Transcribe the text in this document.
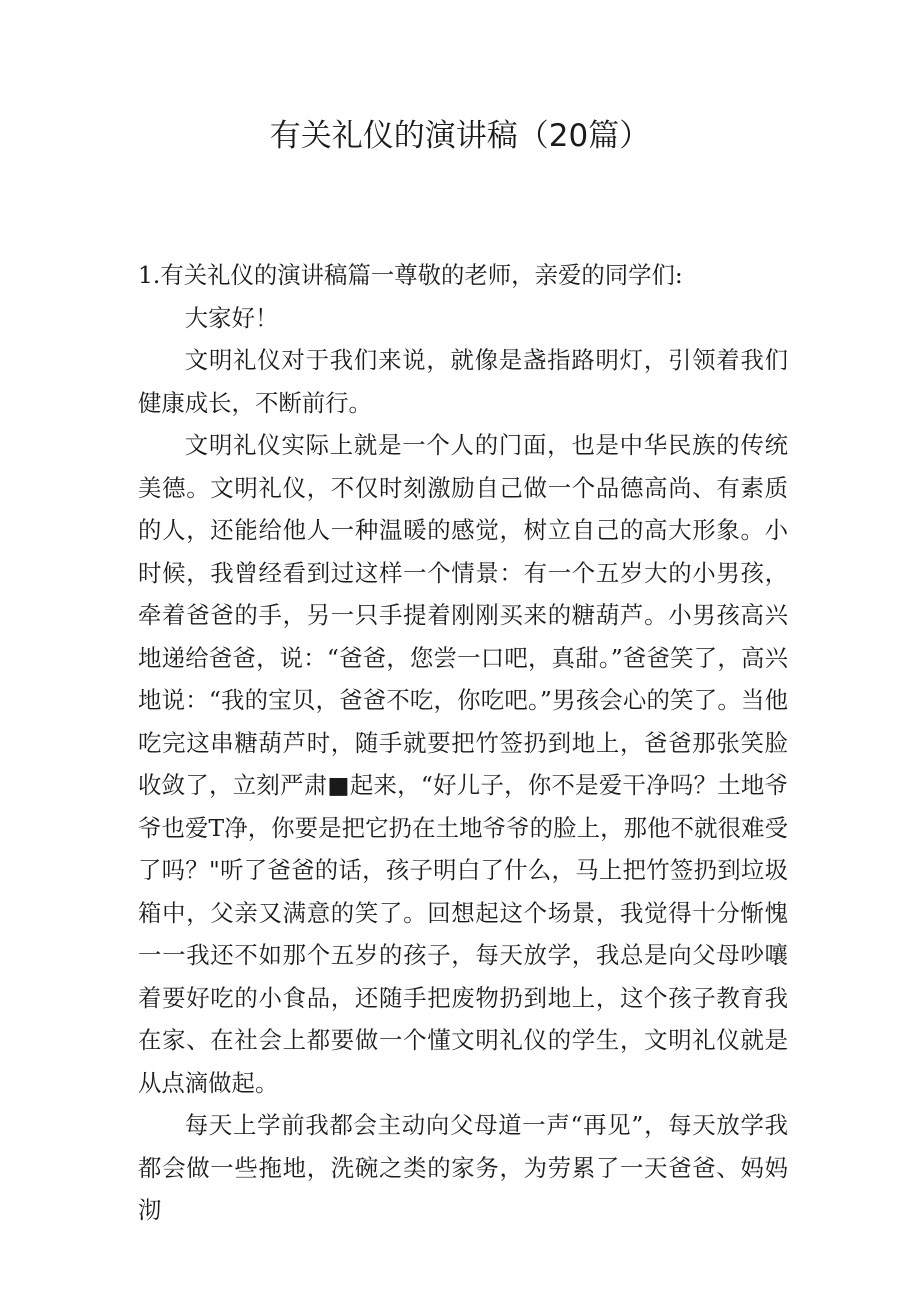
有关礼仪的演讲稿（20篇）

1.有关礼仪的演讲稿篇一尊敬的老师，亲爱的同学们:

大家好！

文明礼仪对于我们来说，就像是盏指路明灯，引领着我们健康成长，不断前行。

文明礼仪实际上就是一个人的门面，也是中华民族的传统美德。文明礼仪，不仅时刻激励自己做一个品德高尚、有素质的人，还能给他人一种温暖的感觉，树立自己的高大形象。小时候，我曾经看到过这样一个情景：有一个五岁大的小男孩，牵着爸爸的手，另一只手提着刚刚买来的糖葫芦。小男孩高兴地递给爸爸，说：“爸爸，您尝一口吧，真甜。”爸爸笑了，高兴地说：“我的宝贝，爸爸不吃，你吃吧。”男孩会心的笑了。当他吃完这串糖葫芦时，随手就要把竹签扔到地上，爸爸那张笑脸收敛了，立刻严肃■起来，“好儿子，你不是爱干净吗？土地爷爷也爱T净，你要是把它扔在土地爷爷的脸上，那他不就很难受了吗？"听了爸爸的话，孩子明白了什么，马上把竹签扔到垃圾箱中，父亲又满意的笑了。回想起这个场景，我觉得十分惭愧一一我还不如那个五岁的孩子，每天放学，我总是向父母吵嚷着要好吃的小食品，还随手把废物扔到地上，这个孩子教育我在家、在社会上都要做一个懂文明礼仪的学生，文明礼仪就是从点滴做起。

每天上学前我都会主动向父母道一声“再见”，每天放学我都会做一些拖地，洗碗之类的家务，为劳累了一天爸爸、妈妈沏
